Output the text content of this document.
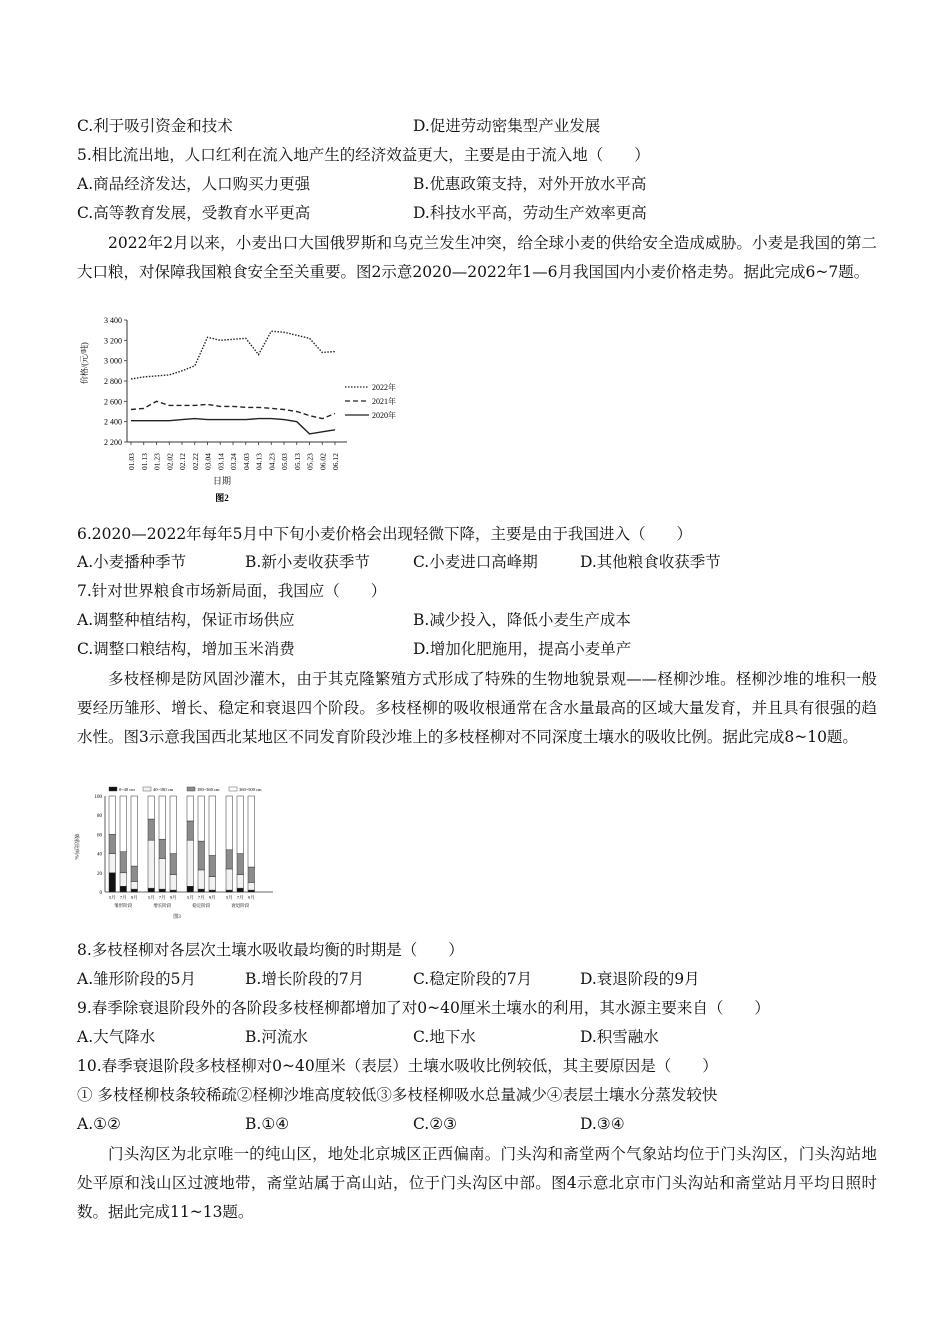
C.利于吸引资金和技术	D.促进劳动密集型产业发展
5.相比流出地，人口红利在流入地产生的经济效益更大，主要是由于流入地（　　）
A.商品经济发达，人口购买力更强	B.优惠政策支持，对外开放水平高
C.高等教育发展，受教育水平更高	D.科技水平高，劳动生产效率更高
2022年2月以来，小麦出口大国俄罗斯和乌克兰发生冲突，给全球小麦的供给安全造成威胁。小麦是我国的第二大口粮，对保障我国粮食安全至关重要。图2示意2020—2022年1—6月我国国内小麦价格走势。据此完成6~7题。
价格/(元/吨)
3 400
3 200
3 000
2 800
2 600
2 400
2 200
01.03 01.13 01.23 02.02 02.12 02.22 03.04 03.14 03.24 04.03 04.13 04.23 05.03 05.13 05.23 06.02 06.12
2022年
2021年
2020年
日期
图2
6.2020—2022年每年5月中下旬小麦价格会出现轻微下降，主要是由于我国进入（　　）
A.小麦播种季节	B.新小麦收获季节	C.小麦进口高峰期	D.其他粮食收获季节
7.针对世界粮食市场新局面，我国应（　　）
A.调整种植结构，保证市场供应	B.减少投入，降低小麦生产成本
C.调整口粮结构，增加玉米消费	D.增加化肥施用，提高小麦单产
多枝柽柳是防风固沙灌木，由于其克隆繁殖方式形成了特殊的生物地貌景观——柽柳沙堆。柽柳沙堆的堆积一般要经历雏形、增长、稳定和衰退四个阶段。多枝柽柳的吸收根通常在含水量最高的区域大量发育，并且具有很强的趋水性。图3示意我国西北某地区不同发育阶段沙堆上的多枝柽柳对不同深度土壤水的吸收比例。据此完成8~10题。
0~40 cm	40~180 cm	180~360 cm	360~500 cm
吸收比例/%
100
80
60
40
20
0
5月 7月 9月 5月 7月 9月 5月 7月 9月 5月 7月 9月
雏形阶段	增长阶段	稳定阶段	衰退阶段
图3
8.多枝柽柳对各层次土壤水吸收最均衡的时期是（　　）
A.雏形阶段的5月	B.增长阶段的7月	C.稳定阶段的7月	D.衰退阶段的9月
9.春季除衰退阶段外的各阶段多枝柽柳都增加了对0~40厘米土壤水的利用，其水源主要来自（　　）
A.大气降水	B.河流水	C.地下水	D.积雪融水
10.春季衰退阶段多枝柽柳对0~40厘米（表层）土壤水吸收比例较低，其主要原因是（　　）
① 多枝柽柳枝条较稀疏②柽柳沙堆高度较低③多枝柽柳吸水总量减少④表层土壤水分蒸发较快
A.①②	B.①④	C.②③	D.③④
门头沟区为北京唯一的纯山区，地处北京城区正西偏南。门头沟和斋堂两个气象站均位于门头沟区，门头沟站地处平原和浅山区过渡地带，斋堂站属于高山站，位于门头沟区中部。图4示意北京市门头沟站和斋堂站月平均日照时数。据此完成11~13题。
